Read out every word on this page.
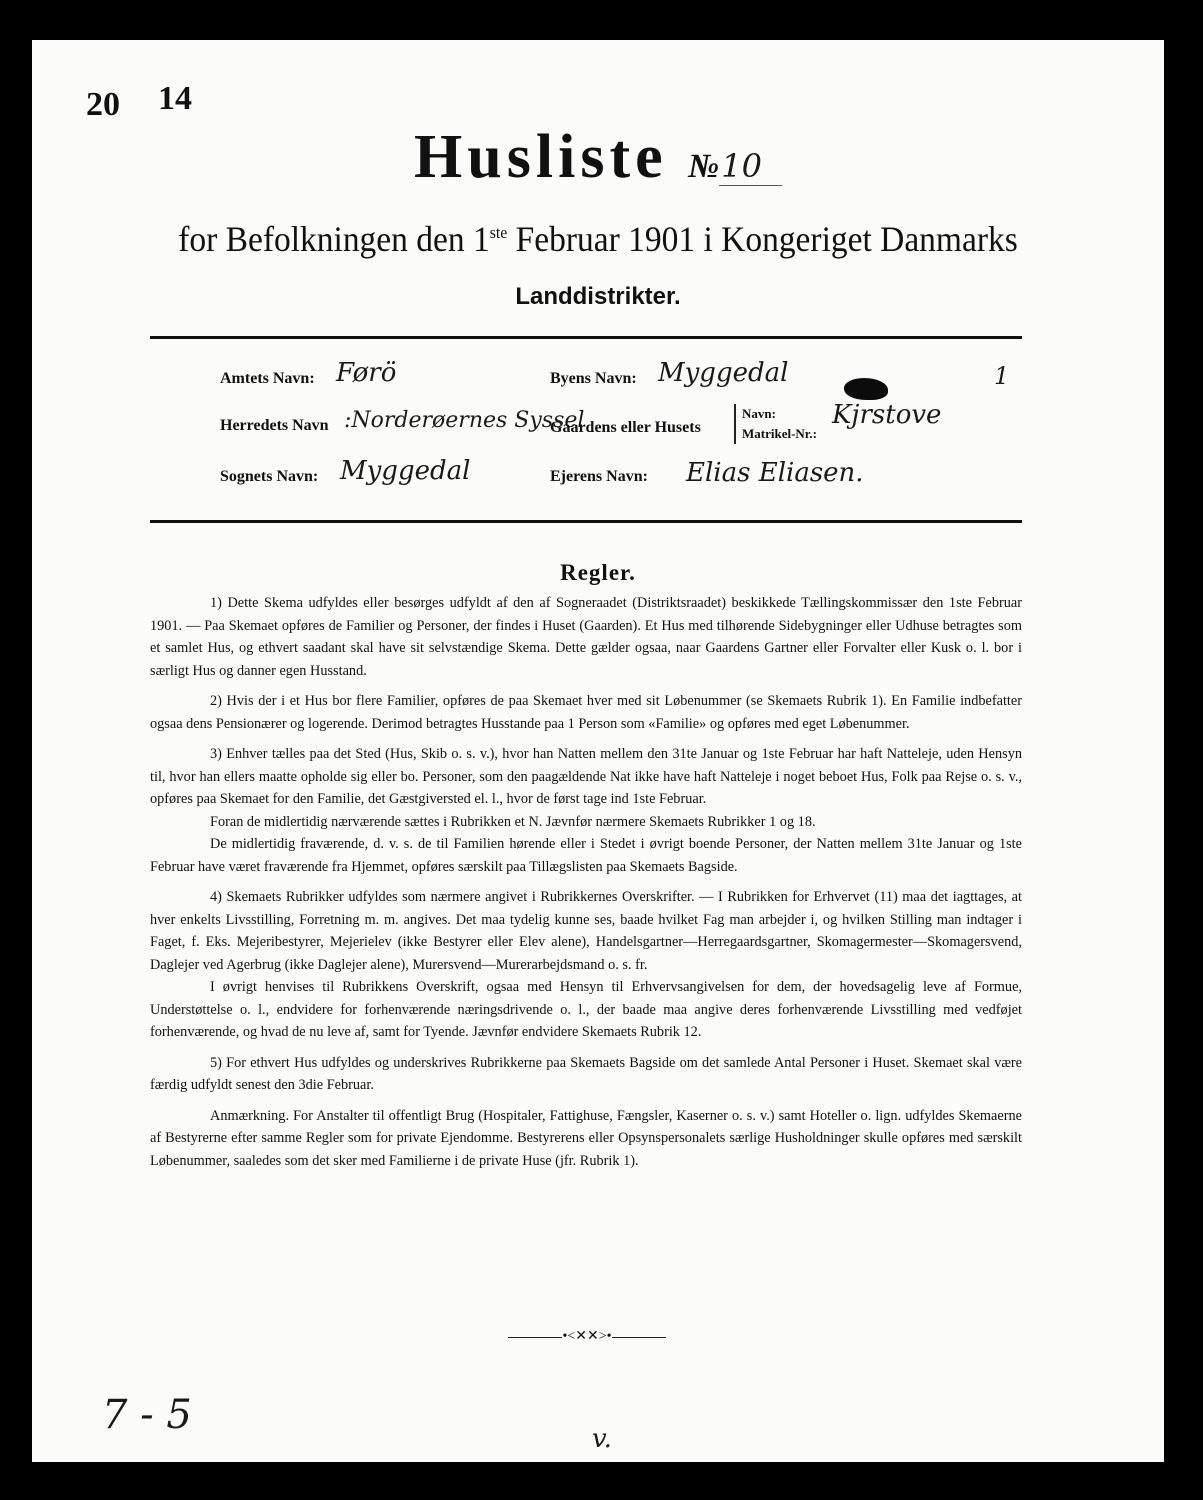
20 14
Husliste №10
for Befolkningen den 1ste Februar 1901 i Kongeriget Danmarks
Landdistrikter.
Amtets Navn: Førö
Herredets Navn :Norderøernes Syssel
Sognets Navn: Myggedal
Byens Navn: Myggedal	1
Gaardens eller Husets
Navn:
Matrikel-Nr.:
Kjrstove
Ejerens Navn: Elias Eliasen.
Regler.

1) Dette Skema udfyldes eller besørges udfyldt af den af Sogneraadet (Distriktsraadet) beskikkede Tællingskommissær den 1ste Februar 1901. — Paa Skemaet opføres de Familier og Personer, der findes i Huset (Gaarden). Et Hus med tilhørende Sidebygninger eller Udhuse betragtes som et samlet Hus, og ethvert saadant skal have sit selvstændige Skema. Dette gælder ogsaa, naar Gaardens Gartner eller Forvalter eller Kusk o. l. bor i særligt Hus og danner egen Husstand.

2) Hvis der i et Hus bor flere Familier, opføres de paa Skemaet hver med sit Løbenummer (se Skemaets Rubrik 1). En Familie indbefatter ogsaa dens Pensionærer og logerende. Derimod betragtes Husstande paa 1 Person som «Familie» og opføres med eget Løbenummer.

3) Enhver tælles paa det Sted (Hus, Skib o. s. v.), hvor han Natten mellem den 31te Januar og 1ste Februar har haft Natteleje, uden Hensyn til, hvor han ellers maatte opholde sig eller bo. Personer, som den paagældende Nat ikke have haft Natteleje i noget beboet Hus, Folk paa Rejse o. s. v., opføres paa Skemaet for den Familie, det Gæstgiversted el. l., hvor de først tage ind 1ste Februar.

Foran de midlertidig nærværende sættes i Rubrikken et N. Jævnfør nærmere Skemaets Rubrikker 1 og 18.

De midlertidig fraværende, d. v. s. de til Familien hørende eller i Stedet i øvrigt boende Personer, der Natten mellem 31te Januar og 1ste Februar have været fraværende fra Hjemmet, opføres særskilt paa Tillægslisten paa Skemaets Bagside.

4) Skemaets Rubrikker udfyldes som nærmere angivet i Rubrikkernes Overskrifter. — I Rubrikken for Erhvervet (11) maa det iagttages, at hver enkelts Livsstilling, Forretning m. m. angives. Det maa tydelig kunne ses, baade hvilket Fag man arbejder i, og hvilken Stilling man indtager i Faget, f. Eks. Mejeribestyrer, Mejerielev (ikke Bestyrer eller Elev alene), Handelsgartner—Herregaardsgartner, Skomagermester—Skomagersvend, Daglejer ved Agerbrug (ikke Daglejer alene), Murersvend—Murerarbejdsmand o. s. fr.

I øvrigt henvises til Rubrikkens Overskrift, ogsaa med Hensyn til Erhvervsangivelsen for dem, der hovedsagelig leve af Formue, Understøttelse o. l., endvidere for forhenværende næringsdrivende o. l., der baade maa angive deres forhenværende Livsstilling med vedføjet forhenværende, og hvad de nu leve af, samt for Tyende. Jævnfør endvidere Skemaets Rubrik 12.

5) For ethvert Hus udfyldes og underskrives Rubrikkerne paa Skemaets Bagside om det samlede Antal Personer i Huset. Skemaet skal være færdig udfyldt senest den 3die Februar.

Anmærkning. For Anstalter til offentligt Brug (Hospitaler, Fattighuse, Fængsler, Kaserner o. s. v.) samt Hoteller o. lign. udfyldes Skemaerne af Bestyrerne efter samme Regler som for private Ejendomme. Bestyrerens eller Opsynspersonalets særlige Husholdninger skulle opføres med særskilt Løbenummer, saaledes som det sker med Familierne i de private Huse (jfr. Rubrik 1).

•<✕✕>•
7 - 5
v.
